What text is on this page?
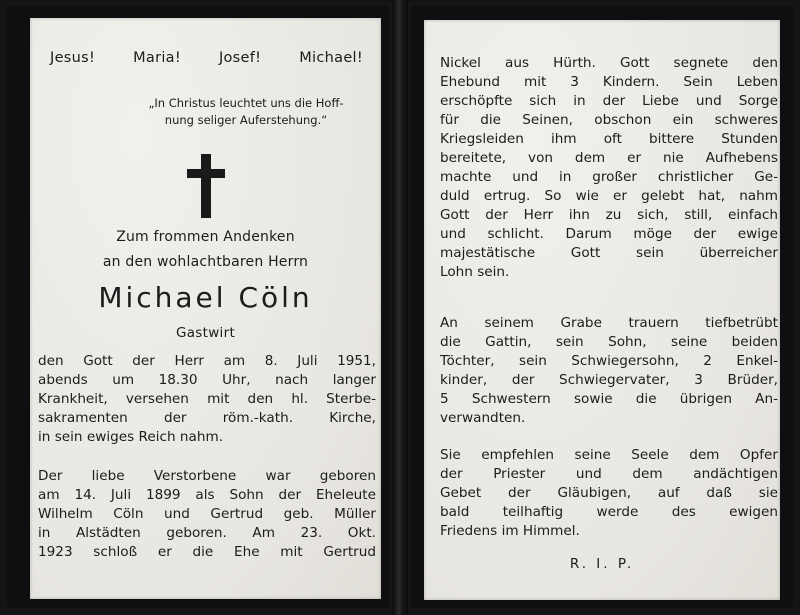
Jesus!	Maria!	Josef!	Michael!
„In Christus leuchtet uns die Hoff-
nung seliger Auferstehung.“
Zum frommen Andenken
an den wohlachtbaren Herrn
Michael Cöln
Gastwirt
den Gott der Herr am 8. Juli 1951,
abends um 18.30 Uhr, nach langer
Krankheit, versehen mit den hl. Sterbe-
sakramenten der röm.-kath. Kirche,
in sein ewiges Reich nahm.
Der liebe Verstorbene war geboren
am 14. Juli 1899 als Sohn der Eheleute
Wilhelm Cöln und Gertrud geb. Müller
in Alstädten geboren. Am 23. Okt.
1923 schloß er die Ehe mit Gertrud
Nickel aus Hürth. Gott segnete den
Ehebund mit 3 Kindern. Sein Leben
erschöpfte sich in der Liebe und Sorge
für die Seinen, obschon ein schweres
Kriegsleiden ihm oft bittere Stunden
bereitete, von dem er nie Aufhebens
machte und in großer christlicher Ge-
duld ertrug. So wie er gelebt hat, nahm
Gott der Herr ihn zu sich, still, einfach
und schlicht. Darum möge der ewige
majestätische Gott sein überreicher
Lohn sein.
An seinem Grabe trauern tiefbetrübt
die Gattin, sein Sohn, seine beiden
Töchter, sein Schwiegersohn, 2 Enkel-
kinder, der Schwiegervater, 3 Brüder,
5 Schwestern sowie die übrigen An-
verwandten.
Sie empfehlen seine Seele dem Opfer
der Priester und dem andächtigen
Gebet der Gläubigen, auf daß sie
bald teilhaftig werde des ewigen
Friedens im Himmel.
R. I. P.
